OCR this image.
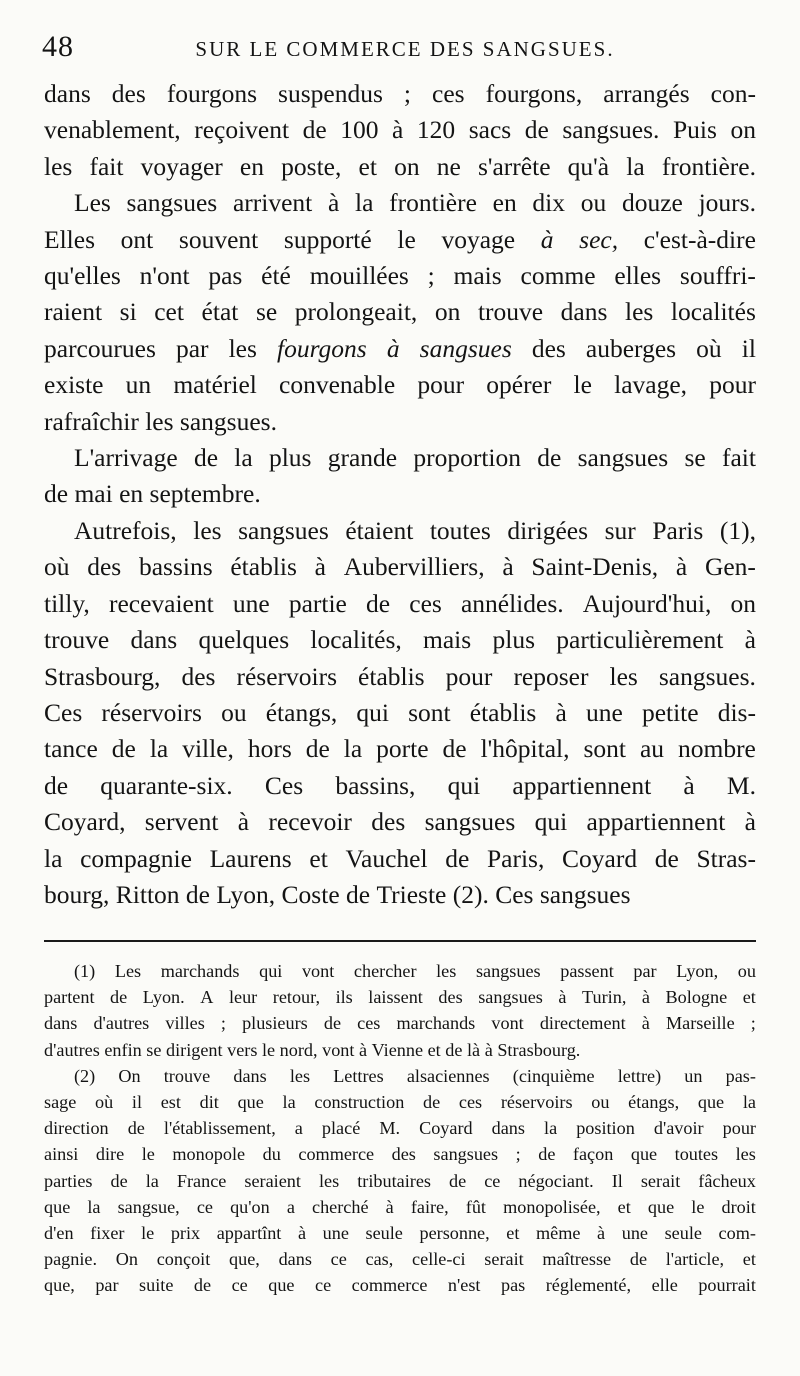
48	SUR LE COMMERCE DES SANGSUES.
dans des fourgons suspendus ; ces fourgons, arrangés con-
venablement, reçoivent de 100 à 120 sacs de sangsues. Puis on
les fait voyager en poste, et on ne s'arrête qu'à la frontière.
Les sangsues arrivent à la frontière en dix ou douze jours.
Elles ont souvent supporté le voyage à sec, c'est-à-dire
qu'elles n'ont pas été mouillées ; mais comme elles souffri-
raient si cet état se prolongeait, on trouve dans les localités
parcourues par les fourgons à sangsues des auberges où il
existe un matériel convenable pour opérer le lavage, pour
rafraîchir les sangsues.
L'arrivage de la plus grande proportion de sangsues se fait
de mai en septembre.
Autrefois, les sangsues étaient toutes dirigées sur Paris (1),
où des bassins établis à Aubervilliers, à Saint-Denis, à Gen-
tilly, recevaient une partie de ces annélides. Aujourd'hui, on
trouve dans quelques localités, mais plus particulièrement à
Strasbourg, des réservoirs établis pour reposer les sangsues.
Ces réservoirs ou étangs, qui sont établis à une petite dis-
tance de la ville, hors de la porte de l'hôpital, sont au nombre
de quarante-six. Ces bassins, qui appartiennent à M.
Coyard, servent à recevoir des sangsues qui appartiennent à
la compagnie Laurens et Vauchel de Paris, Coyard de Stras-
bourg, Ritton de Lyon, Coste de Trieste (2). Ces sangsues
(1) Les marchands qui vont chercher les sangsues passent par Lyon, ou
partent de Lyon. A leur retour, ils laissent des sangsues à Turin, à Bologne et
dans d'autres villes ; plusieurs de ces marchands vont directement à Marseille ;
d'autres enfin se dirigent vers le nord, vont à Vienne et de là à Strasbourg.
(2) On trouve dans les Lettres alsaciennes (cinquième lettre) un pas-
sage où il est dit que la construction de ces réservoirs ou étangs, que la
direction de l'établissement, a placé M. Coyard dans la position d'avoir pour
ainsi dire le monopole du commerce des sangsues ; de façon que toutes les
parties de la France seraient les tributaires de ce négociant. Il serait fâcheux
que la sangsue, ce qu'on a cherché à faire, fût monopolisée, et que le droit
d'en fixer le prix appartînt à une seule personne, et même à une seule com-
pagnie. On conçoit que, dans ce cas, celle-ci serait maîtresse de l'article, et
que, par suite de ce que ce commerce n'est pas réglementé, elle pourrait
